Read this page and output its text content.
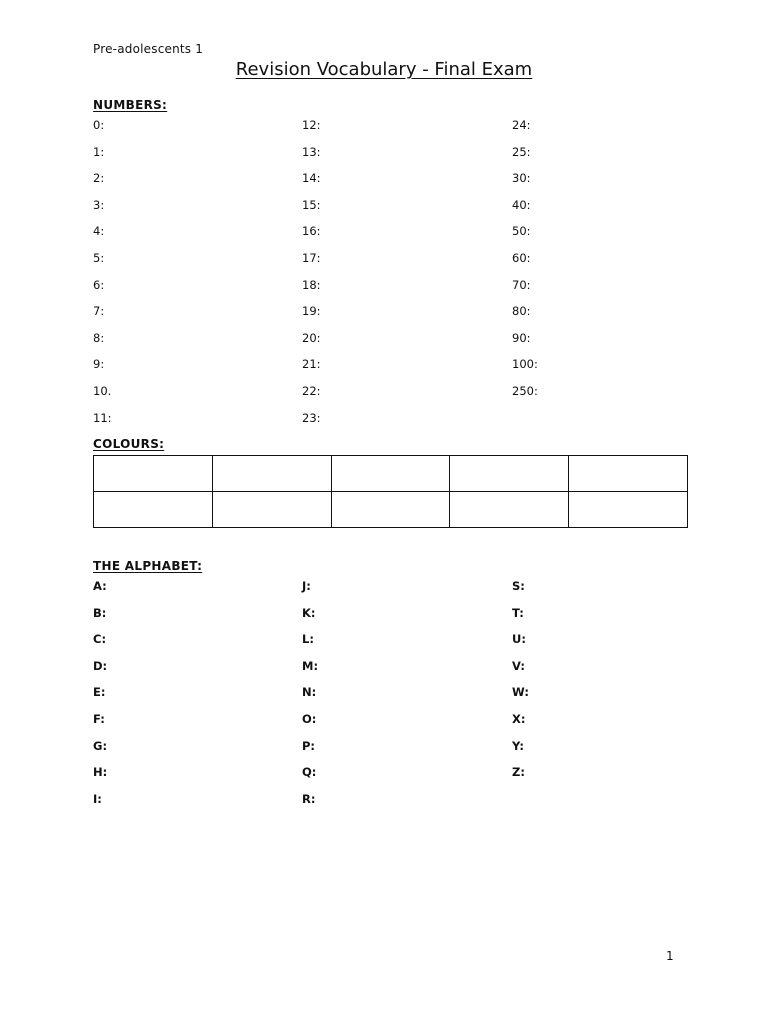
Pre-adolescents 1
Revision Vocabulary - Final Exam
NUMBERS:
0:
1:
2:
3:
4:
5:
6:
7:
8:
9:
10.
11:
12:
13:
14:
15:
16:
17:
18:
19:
20:
21:
22:
23:
24:
25:
30:
40:
50:
60:
70:
80:
90:
100:
250:
COLOURS:

THE ALPHABET:
A:
B:
C:
D:
E:
F:
G:
H:
I:
J:
K:
L:
M:
N:
O:
P:
Q:
R:
S:
T:
U:
V:
W:
X:
Y:
Z:
1
